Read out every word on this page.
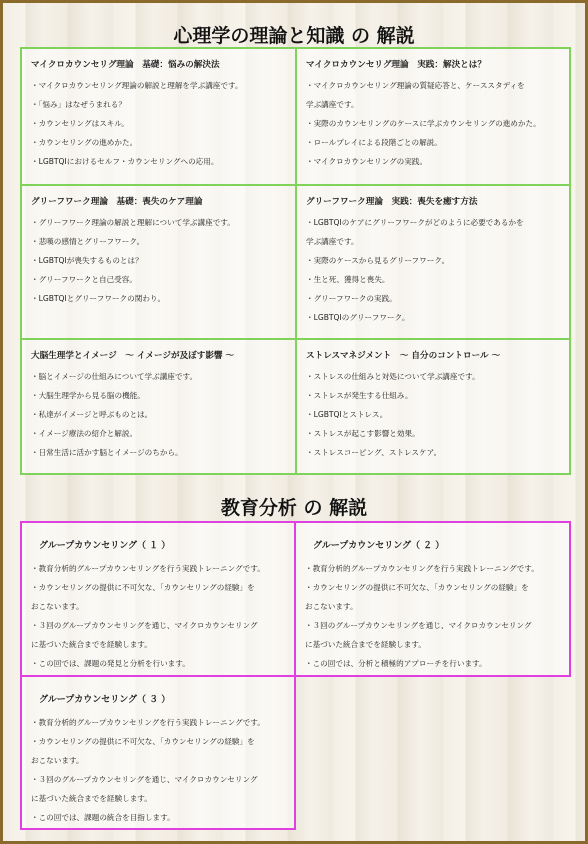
心理学の理論と知識 の 解説
マイクロカウンセリグ理論　基礎：悩みの解決法
・マイクロカウンセリング理論の解説と理解を学ぶ講座です。
・「悩み」はなぜうまれる？
・カウンセリングはスキル。
・カウンセリングの進めかた。
・LGBTQIにおけるセルフ・カウンセリングへの応用。
マイクロカウンセリグ理論　実践：解決とは？
・マイクロカウンセリング理論の質疑応答と、ケーススタディを
学ぶ講座です。
・実際のカウンセリングのケースに学ぶカウンセリングの進めかた。
・ロールプレイによる段階ごとの解説。
・マイクロカウンセリングの実践。
グリーフワーク理論　基礎：喪失のケア理論
・グリーフワーク理論の解説と理解について学ぶ講座です。
・悲嘆の感情とグリーフワーク。
・LGBTQIが喪失するものとは？
・グリーフワークと自己受容。
・LGBTQIとグリーフワークの関わり。
グリーフワーク理論　実践：喪失を癒す方法
・LGBTQIのケアにグリーフワークがどのように必要であるかを
学ぶ講座です。
・実際のケースから見るグリーフワーク。
・生と死、獲得と喪失。
・グリーフワークの実践。
・LGBTQIのグリーフワーク。
大脳生理学とイメージ　～ イメージが及ぼす影響 ～
・脳とイメージの仕組みについて学ぶ講座です。
・大脳生理学から見る脳の機能。
・私達がイメージと呼ぶものとは。
・イメージ療法の紹介と解説。
・日常生活に活かす脳とイメージのちから。
ストレスマネジメント　～ 自分のコントロール ～
・ストレスの仕組みと対処について学ぶ講座です。
・ストレスが発生する仕組み。
・LGBTQIとストレス。
・ストレスが起こす影響と効果。
・ストレスコーピング、ストレスケア。
教育分析 の 解説
グループカウンセリング（ １ ）
・教育分析的グループカウンセリングを行う実践トレーニングです。
・カウンセリングの提供に不可欠な、「カウンセリングの経験」を
おこないます。
・３回のグループカウンセリングを通じ、マイクロカウンセリング
に基づいた統合までを経験します。
・この回では、課題の発見と分析を行います。
グループカウンセリング（ ２ ）
・教育分析的グループカウンセリングを行う実践トレーニングです。
・カウンセリングの提供に不可欠な、「カウンセリングの経験」を
おこないます。
・３回のグループカウンセリングを通じ、マイクロカウンセリング
に基づいた統合までを経験します。
・この回では、分析と積極的アプローチを行います。
グループカウンセリング（ ３ ）
・教育分析的グループカウンセリングを行う実践トレーニングです。
・カウンセリングの提供に不可欠な、「カウンセリングの経験」を
おこないます。
・３回のグループカウンセリングを通じ、マイクロカウンセリング
に基づいた統合までを経験します。
・この回では、課題の統合を目指します。
